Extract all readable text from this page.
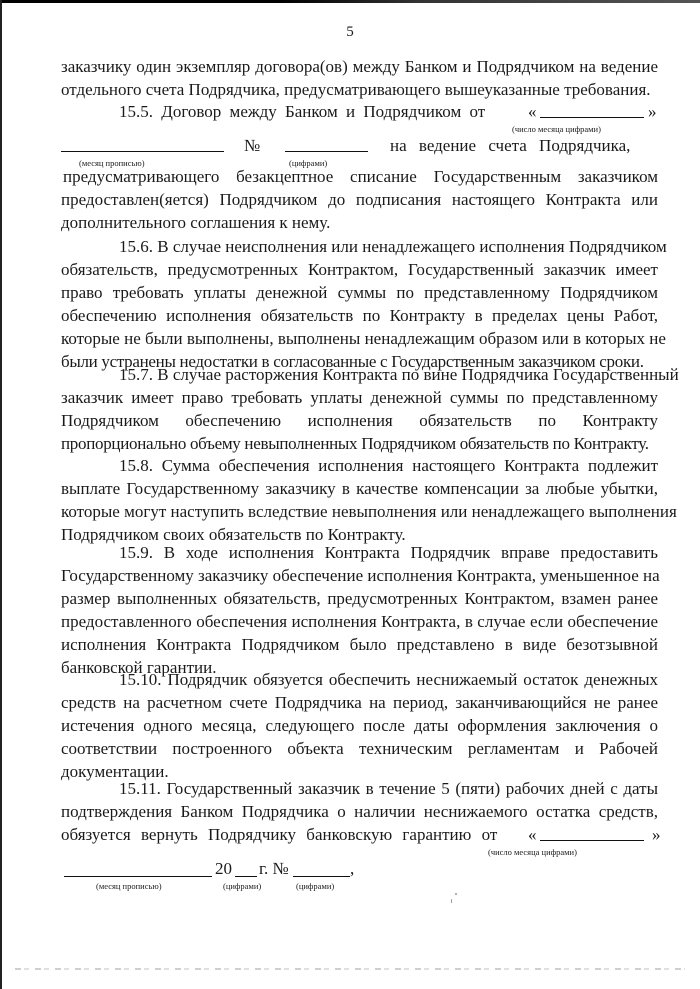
5
заказчику один экземпляр договора(ов) между Банком и Подрядчиком на ведение
отдельного счета Подрядчика, предусматривающего вышеуказанные требования.
15.5. Договор между Банком и Подрядчиком от	«	»
(число месяца цифрами)
№	на ведение счета Подрядчика,
(месяц прописью)	(цифрами)
предусматривающего безакцептное списание Государственным заказчиком
предоставлен(яется) Подрядчиком до подписания настоящего Контракта или
дополнительного соглашения к нему.
15.6. В случае неисполнения или ненадлежащего исполнения Подрядчиком
обязательств, предусмотренных Контрактом, Государственный заказчик имеет
право требовать уплаты денежной суммы по представленному Подрядчиком
обеспечению исполнения обязательств по Контракту в пределах цены Работ,
которые не были выполнены, выполнены ненадлежащим образом или в которых не
были устранены недостатки в согласованные с Государственным заказчиком сроки.
15.7. В случае расторжения Контракта по вине Подрядчика Государственный
заказчик имеет право требовать уплаты денежной суммы по представленному
Подрядчиком обеспечению исполнения обязательств по Контракту
пропорционально объему невыполненных Подрядчиком обязательств по Контракту.
15.8. Сумма обеспечения исполнения настоящего Контракта подлежит
выплате Государственному заказчику в качестве компенсации за любые убытки,
которые могут наступить вследствие невыполнения или ненадлежащего выполнения
Подрядчиком своих обязательств по Контракту.
15.9. В ходе исполнения Контракта Подрядчик вправе предоставить
Государственному заказчику обеспечение исполнения Контракта, уменьшенное на
размер выполненных обязательств, предусмотренных Контрактом, взамен ранее
предоставленного обеспечения исполнения Контракта, в случае если обеспечение
исполнения Контракта Подрядчиком было представлено в виде безотзывной
банковской гарантии.
15.10. Подрядчик обязуется обеспечить неснижаемый остаток денежных
средств на расчетном счете Подрядчика на период, заканчивающийся не ранее
истечения одного месяца, следующего после даты оформления заключения о
соответствии построенного объекта техническим регламентам и Рабочей
документации.
15.11. Государственный заказчик в течение 5 (пяти) рабочих дней с даты
подтверждения Банком Подрядчика о наличии неснижаемого остатка средств,
обязуется вернуть Подрядчику банковскую гарантию от «	»
(число месяца цифрами)
20 г. №	,
(месяц прописью)	(цифрами)	(цифрами)
